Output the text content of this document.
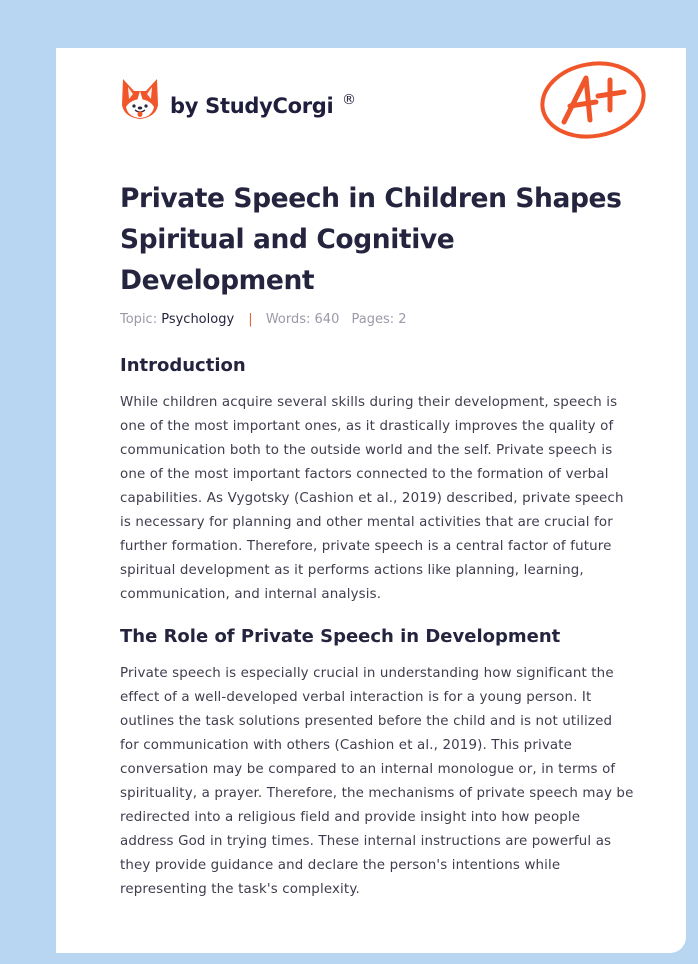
by StudyCorgi ®
Private Speech in Children Shapes Spiritual and Cognitive Development
Topic: Psychology | Words: 640 Pages: 2
Introduction

While children acquire several skills during their development, speech is one of the most important ones, as it drastically improves the quality of communication both to the outside world and the self. Private speech is one of the most important factors connected to the formation of verbal capabilities. As Vygotsky (Cashion et al., 2019) described, private speech is necessary for planning and other mental activities that are crucial for further formation. Therefore, private speech is a central factor of future spiritual development as it performs actions like planning, learning, communication, and internal analysis.

The Role of Private Speech in Development

Private speech is especially crucial in understanding how significant the effect of a well-developed verbal interaction is for a young person. It outlines the task solutions presented before the child and is not utilized for communication with others (Cashion et al., 2019). This private conversation may be compared to an internal monologue or, in terms of spirituality, a prayer. Therefore, the mechanisms of private speech may be redirected into a religious field and provide insight into how people address God in trying times. These internal instructions are powerful as they provide guidance and declare the person's intentions while representing the task's complexity.
